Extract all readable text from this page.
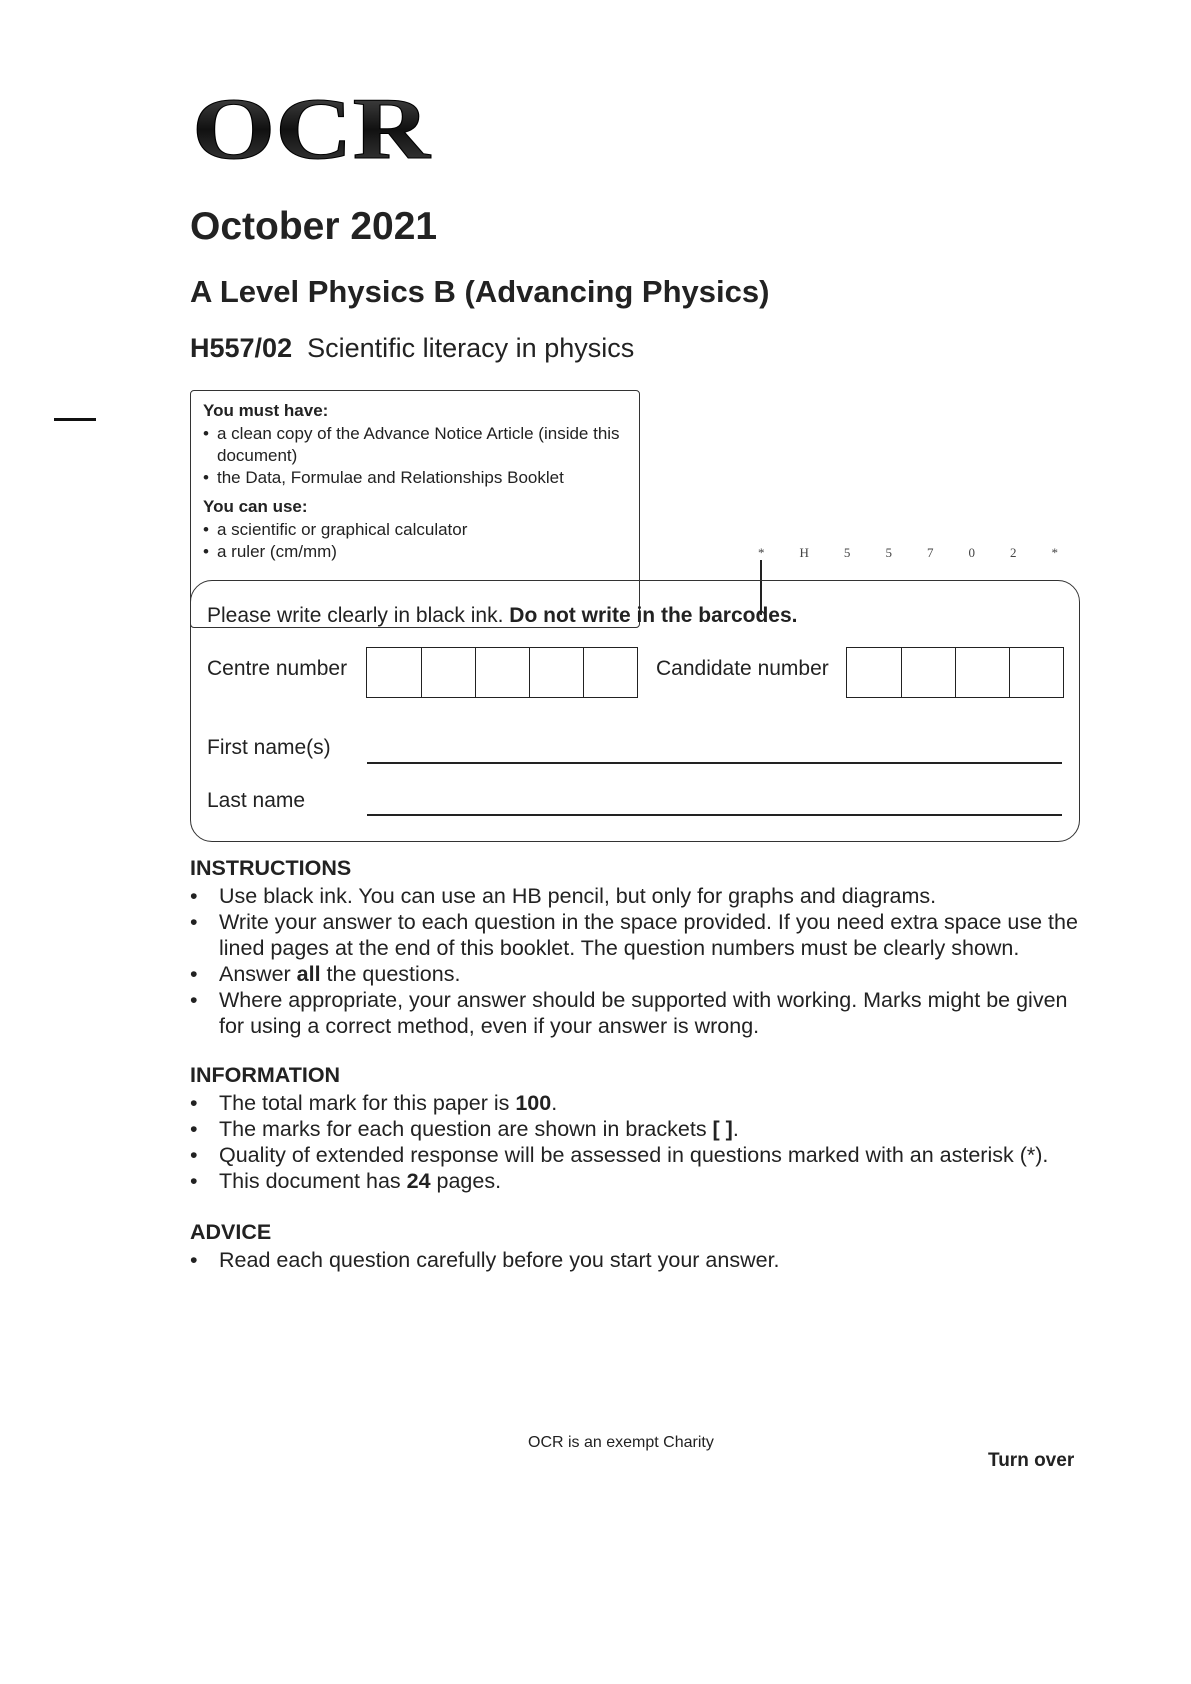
OCR
October 2021
A Level Physics B (Advancing Physics)
H557/02 Scientific literacy in physics

You must have:

• a clean copy of the Advance Notice Article (inside this document)
• the Data, Formulae and Relationships Booklet

You can use:

• a scientific or graphical calculator
• a ruler (cm/mm)	*	H	5	5	7	0	2	*
Please write clearly in black ink. Do not write in the barcodes.
Centre number	Candidate number
First name(s)
Last name
INSTRUCTIONS
• Use black ink. You can use an HB pencil, but only for graphs and diagrams.
• Write your answer to each question in the space provided. If you need extra space use the lined pages at the end of this booklet. The question numbers must be clearly shown.
• Answer all the questions.
• Where appropriate, your answer should be supported with working. Marks might be given for using a correct method, even if your answer is wrong.
INFORMATION
• The total mark for this paper is 100.
• The marks for each question are shown in brackets [ ].
• Quality of extended response will be assessed in questions marked with an asterisk (*).
• This document has 24 pages.
ADVICE
• Read each question carefully before you start your answer.
OCR is an exempt Charity
Turn over
